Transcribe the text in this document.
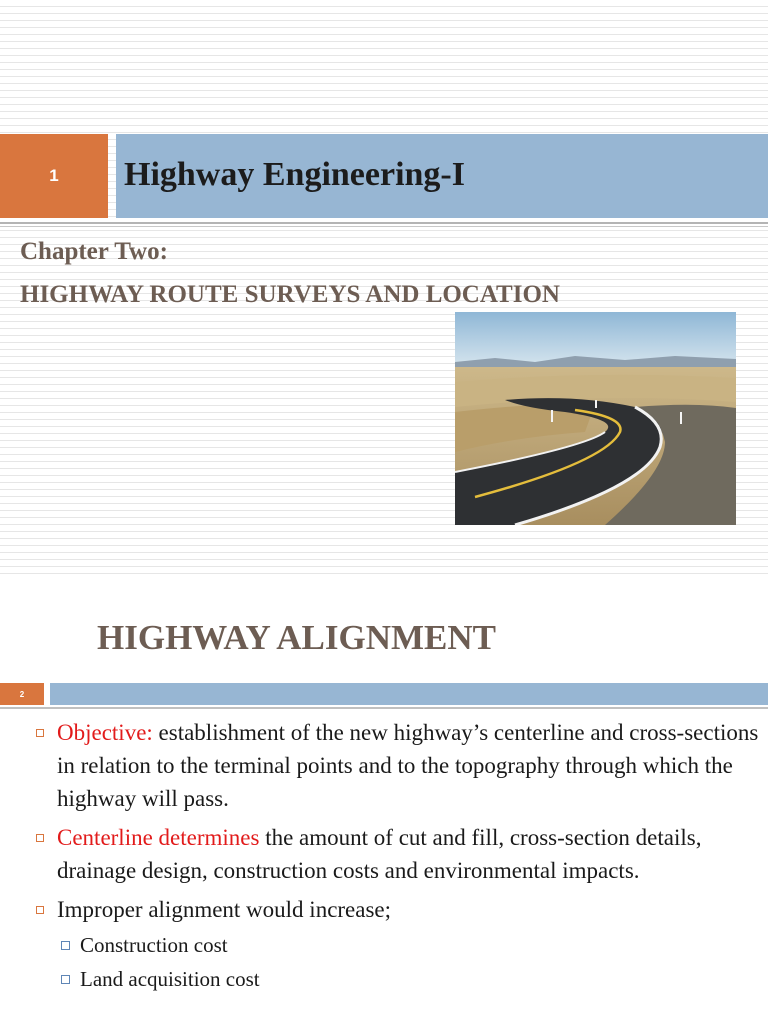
1 Highway Engineering-I
Chapter Two:
HIGHWAY ROUTE SURVEYS AND LOCATION
HIGHWAY ALIGNMENT
2
Objective: establishment of the new highway’s centerline and cross-sections in relation to the terminal points and to the topography through which the highway will pass.
Centerline determines the amount of cut and fill, cross-section details, drainage design, construction costs and environmental impacts.
Improper alignment would increase;
Construction cost
Land acquisition cost
